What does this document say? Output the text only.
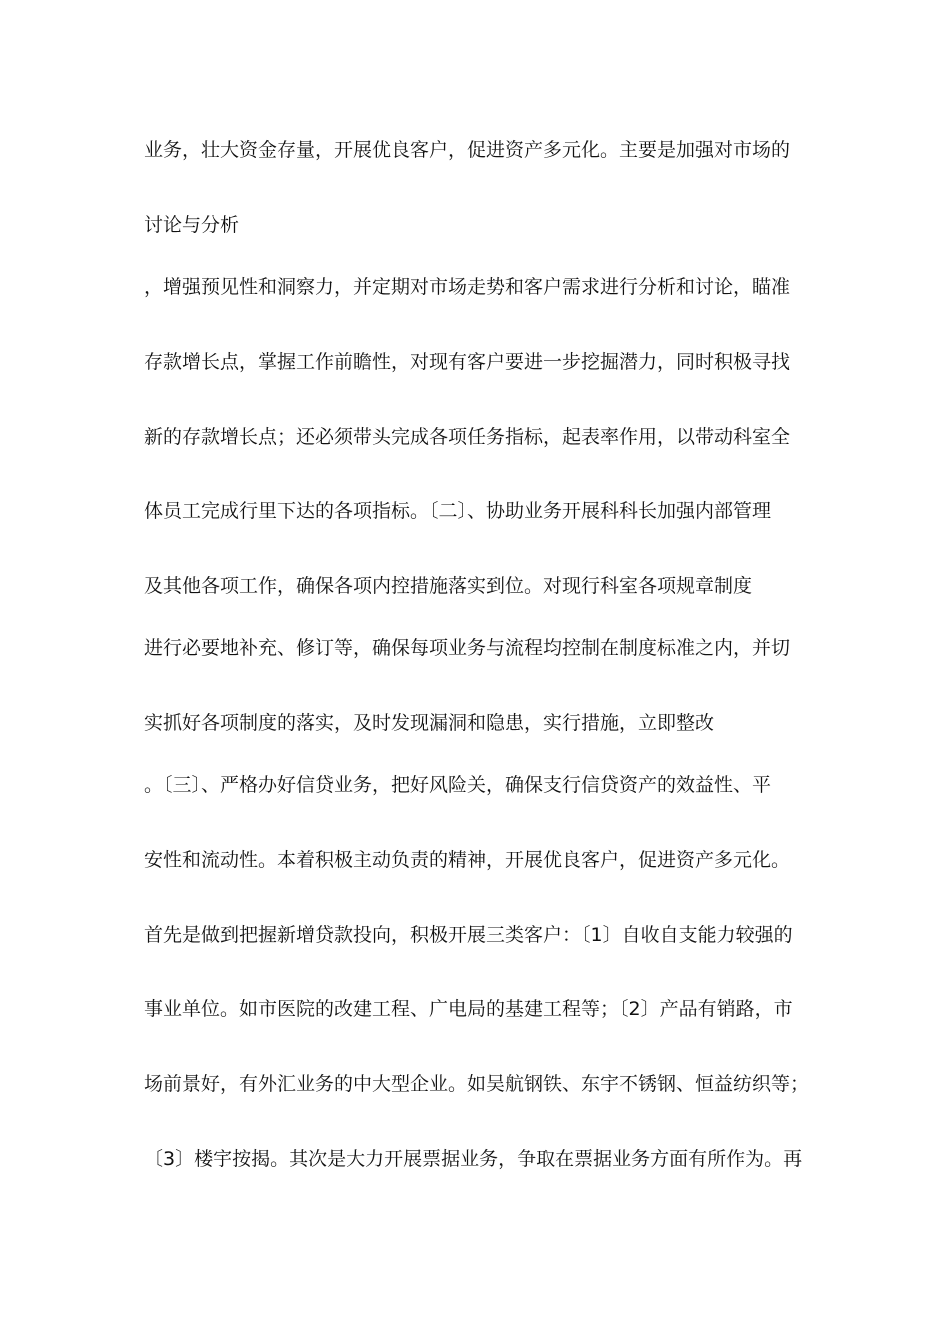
业务，壮大资金存量，开展优良客户，促进资产多元化。主要是加强对市场的
讨论与分析
，增强预见性和洞察力，并定期对市场走势和客户需求进行分析和讨论，瞄准
存款增长点，掌握工作前瞻性，对现有客户要进一步挖掘潜力，同时积极寻找
新的存款增长点；还必须带头完成各项任务指标，起表率作用，以带动科室全
体员工完成行里下达的各项指标。〔二〕、协助业务开展科科长加强内部管理
及其他各项工作，确保各项内控措施落实到位。对现行科室各项规章制度
进行必要地补充、修订等，确保每项业务与流程均控制在制度标准之内，并切
实抓好各项制度的落实，及时发现漏洞和隐患，实行措施，立即整改
。〔三〕、严格办好信贷业务，把好风险关，确保支行信贷资产的效益性、平
安性和流动性。本着积极主动负责的精神，开展优良客户，促进资产多元化。
首先是做到把握新增贷款投向，积极开展三类客户：〔1〕自收自支能力较强的
事业单位。如市医院的改建工程、广电局的基建工程等；〔2〕产品有销路，市
场前景好，有外汇业务的中大型企业。如吴航钢铁、东宇不锈钢、恒益纺织等；
〔3〕楼宇按揭。其次是大力开展票据业务，争取在票据业务方面有所作为。再
